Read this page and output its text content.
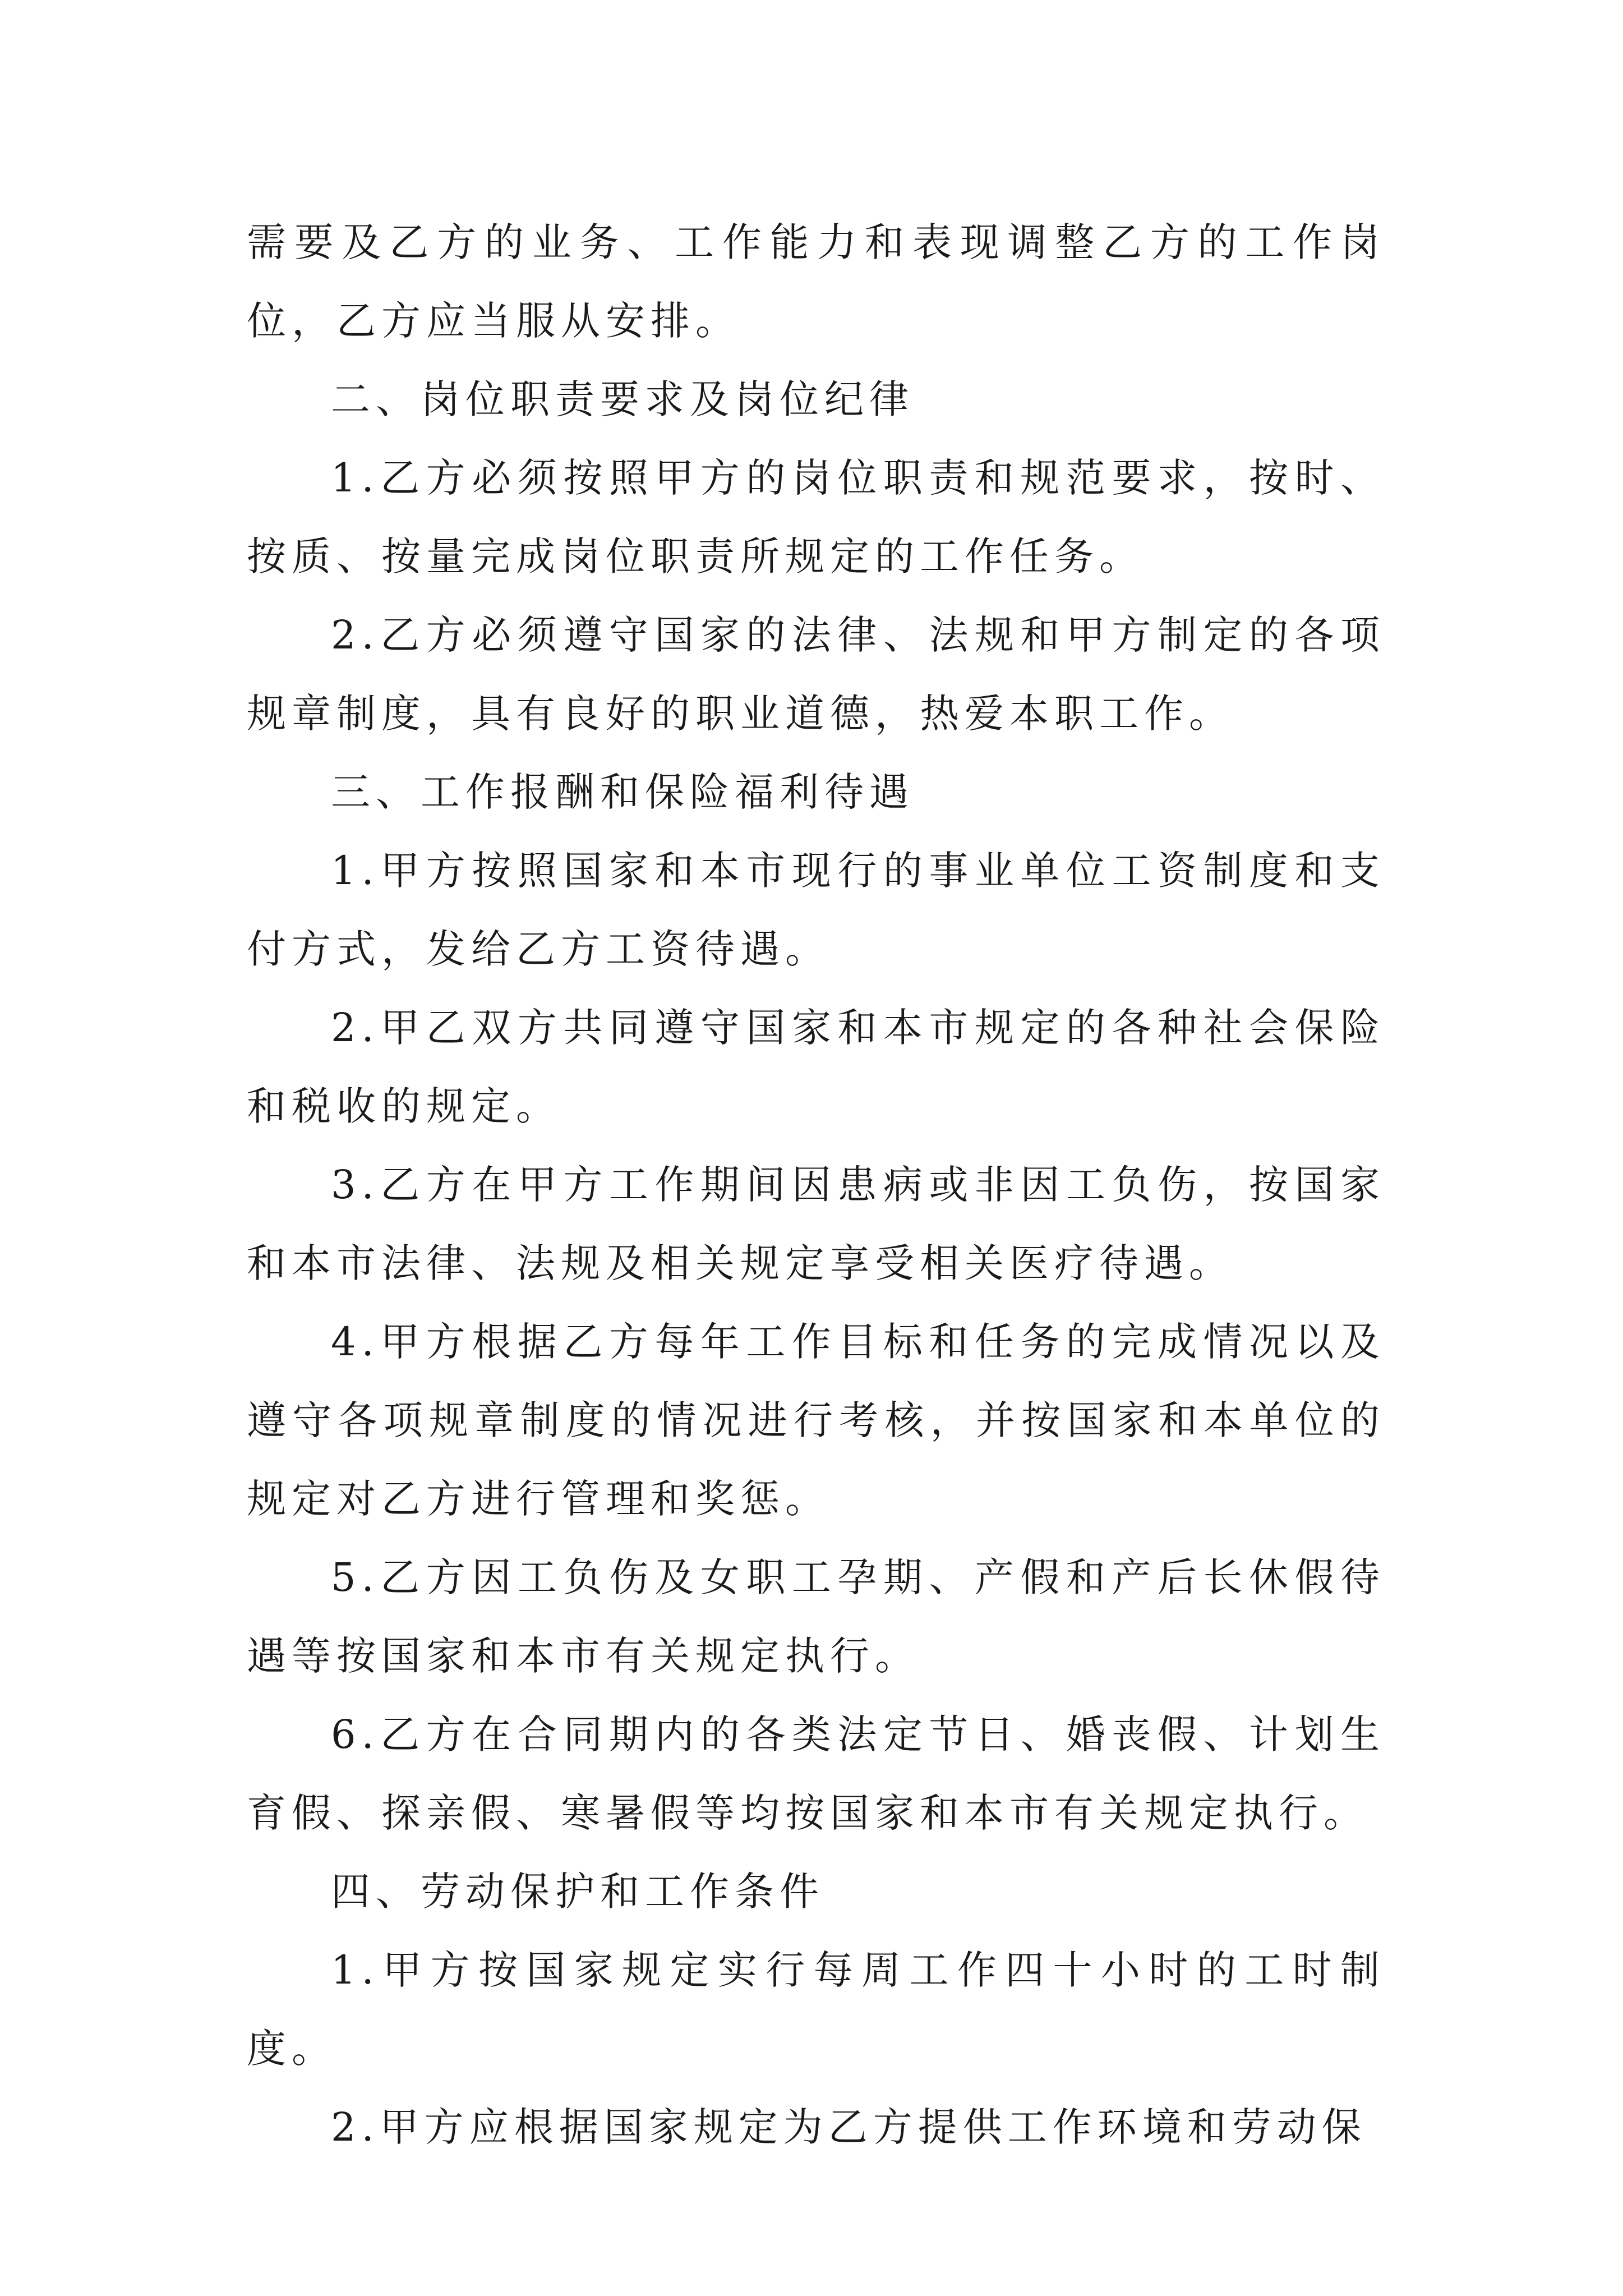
需要及乙方的业务、工作能力和表现调整乙方的工作岗位，乙方应当服从安排。

二、岗位职责要求及岗位纪律

1.乙方必须按照甲方的岗位职责和规范要求，按时、按质、按量完成岗位职责所规定的工作任务。

2.乙方必须遵守国家的法律、法规和甲方制定的各项规章制度，具有良好的职业道德，热爱本职工作。

三、工作报酬和保险福利待遇

1.甲方按照国家和本市现行的事业单位工资制度和支付方式，发给乙方工资待遇。

2.甲乙双方共同遵守国家和本市规定的各种社会保险和税收的规定。

3.乙方在甲方工作期间因患病或非因工负伤，按国家和本市法律、法规及相关规定享受相关医疗待遇。

4.甲方根据乙方每年工作目标和任务的完成情况以及遵守各项规章制度的情况进行考核，并按国家和本单位的规定对乙方进行管理和奖惩。

5.乙方因工负伤及女职工孕期、产假和产后长休假待遇等按国家和本市有关规定执行。

6.乙方在合同期内的各类法定节日、婚丧假、计划生育假、探亲假、寒暑假等均按国家和本市有关规定执行。

四、劳动保护和工作条件

1.甲方按国家规定实行每周工作四十小时的工时制度。

2.甲方应根据国家规定为乙方提供工作环境和劳动保
